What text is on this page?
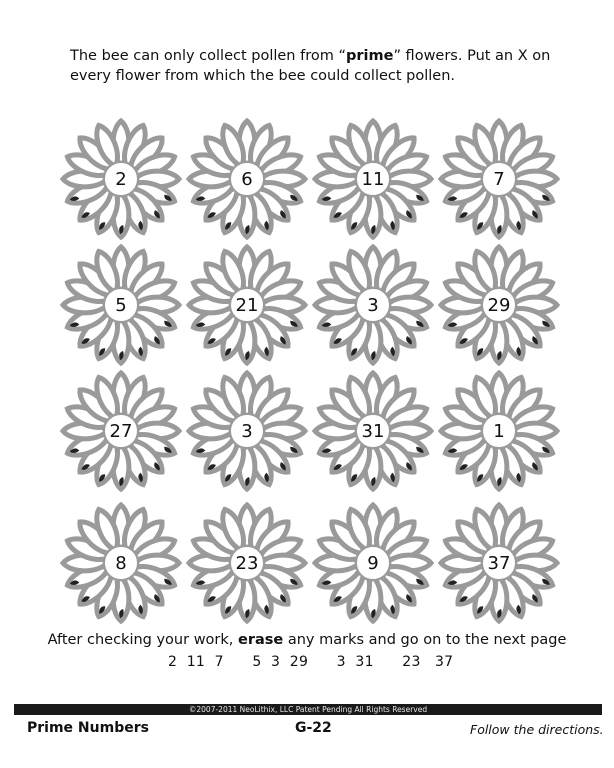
The bee can only collect pollen from “prime” flowers. Put an X on every flower from which the bee could collect pollen.
2	6	11	7
5	21	3	29
27	3	31	1
8	23	9	37
After checking your work, erase any marks and go on to the next page
2  11  7      5  3  29      3  31      23   37
©2007-2011 NeoLithix, LLC Patent Pending All Rights Reserved
Prime Numbers	G-22	Follow the directions.
